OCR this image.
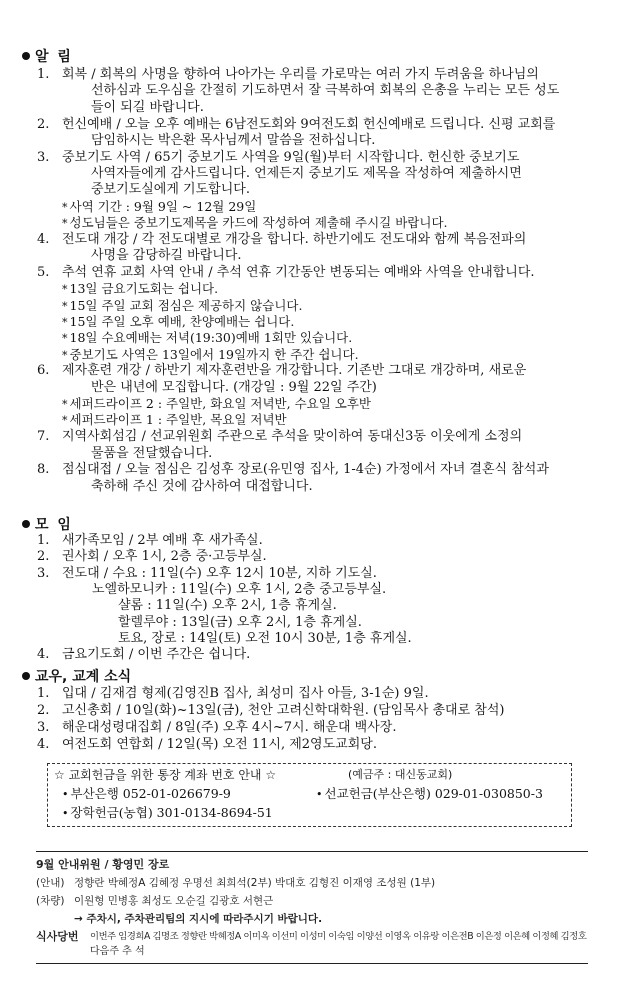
알 림
1. 회복 / 회복의 사명을 향하여 나아가는 우리를 가로막는 여러 가지 두려움을 하나님의
선하심과 도우심을 간절히 기도하면서 잘 극복하여 회복의 은총을 누리는 모든 성도
들이 되길 바랍니다.
2. 헌신예배 / 오늘 오후 예배는 6남전도회와 9여전도회 헌신예배로 드립니다. 신평 교회를
담임하시는 박은환 목사님께서 말씀을 전하십니다.
3. 중보기도 사역 / 65기 중보기도 사역을 9일(월)부터 시작합니다. 헌신한 중보기도
사역자들에게 감사드립니다. 언제든지 중보기도 제목을 작성하여 제출하시면
중보기도실에게 기도합니다.
* 사역 기간 : 9월 9일 ~ 12월 29일
* 성도님들은 중보기도제목을 카드에 작성하여 제출해 주시길 바랍니다.
4. 전도대 개강 / 각 전도대별로 개강을 합니다. 하반기에도 전도대와 함께 복음전파의
사명을 감당하길 바랍니다.
5. 추석 연휴 교회 사역 안내 / 추석 연휴 기간동안 변동되는 예배와 사역을 안내합니다.
* 13일 금요기도회는 쉽니다.
* 15일 주일 교회 점심은 제공하지 않습니다.
* 15일 주일 오후 예배, 찬양예배는 쉽니다.
* 18일 수요예배는 저녁(19:30)예배 1회만 있습니다.
* 중보기도 사역은 13일에서 19일까지 한 주간 쉽니다.
6. 제자훈련 개강 / 하반기 제자훈련반을 개강합니다. 기존반 그대로 개강하며, 새로운
반은 내년에 모집합니다. (개강일 : 9월 22일 주간)
* 세퍼드라이프 2 : 주일반, 화요일 저녁반, 수요일 오후반
* 세퍼드라이프 1 : 주일반, 목요일 저녁반
7. 지역사회섬김 / 선교위원회 주관으로 추석을 맞이하여 동대신3동 이웃에게 소정의
물품을 전달했습니다.
8. 점심대접 / 오늘 점심은 김성후 장로(유민영 집사, 1-4순) 가정에서 자녀 결혼식 참석과
축하해 주신 것에 감사하여 대접합니다.
모 임
1. 새가족모임 / 2부 예배 후 새가족실.
2. 권사회 / 오후 1시, 2층 중·고등부실.
3. 전도대 / 수요 : 11일(수) 오후 12시 10분, 지하 기도실.
노엘하모니카 : 11일(수) 오후 1시, 2층 중고등부실.
샬롬 : 11일(수) 오후 2시, 1층 휴게실.
할렐루야 : 13일(금) 오후 2시, 1층 휴게실.
토요, 장로 : 14일(토) 오전 10시 30분, 1층 휴게실.
4. 금요기도회 / 이번 주간은 쉽니다.
교우, 교계 소식
1. 입대 / 김재겸 형제(김영진B 집사, 최성미 집사 아들, 3-1순) 9일.
2. 고신총회 / 10일(화)~13일(금), 천안 고려신학대학원. (담임목사 총대로 참석)
3. 해운대성령대집회 / 8일(주) 오후 4시~7시. 해운대 백사장.
4. 여전도회 연합회 / 12일(목) 오전 11시, 제2영도교회당.
☆ 교회헌금을 위한 통장 계좌 번호 안내 ☆	(예금주 : 대신동교회)
• 부산은행 052-01-026679-9	• 선교헌금(부산은행) 029-01-030850-3
• 장학헌금(농협) 301-0134-8694-51
9월 안내위원 / 황영민 장로
(안내) 정향란 박혜정A 김혜정 우명선 최희석(2부) 박대호 김형진 이재영 조성원 (1부)
(차량) 이원형 민병홍 최성도 오순길 김광호 서현근
→ 주차시, 주차관리팀의 지시에 따라주시기 바랍니다.
식사당번 이번주 임경희A 김명조 정향란 박혜정A 이미옥 이선미 이성미 이숙임 이양선 이영옥 이유랑 이은전B 이은정 이은혜 이정혜 김정호
다음주 추 석
